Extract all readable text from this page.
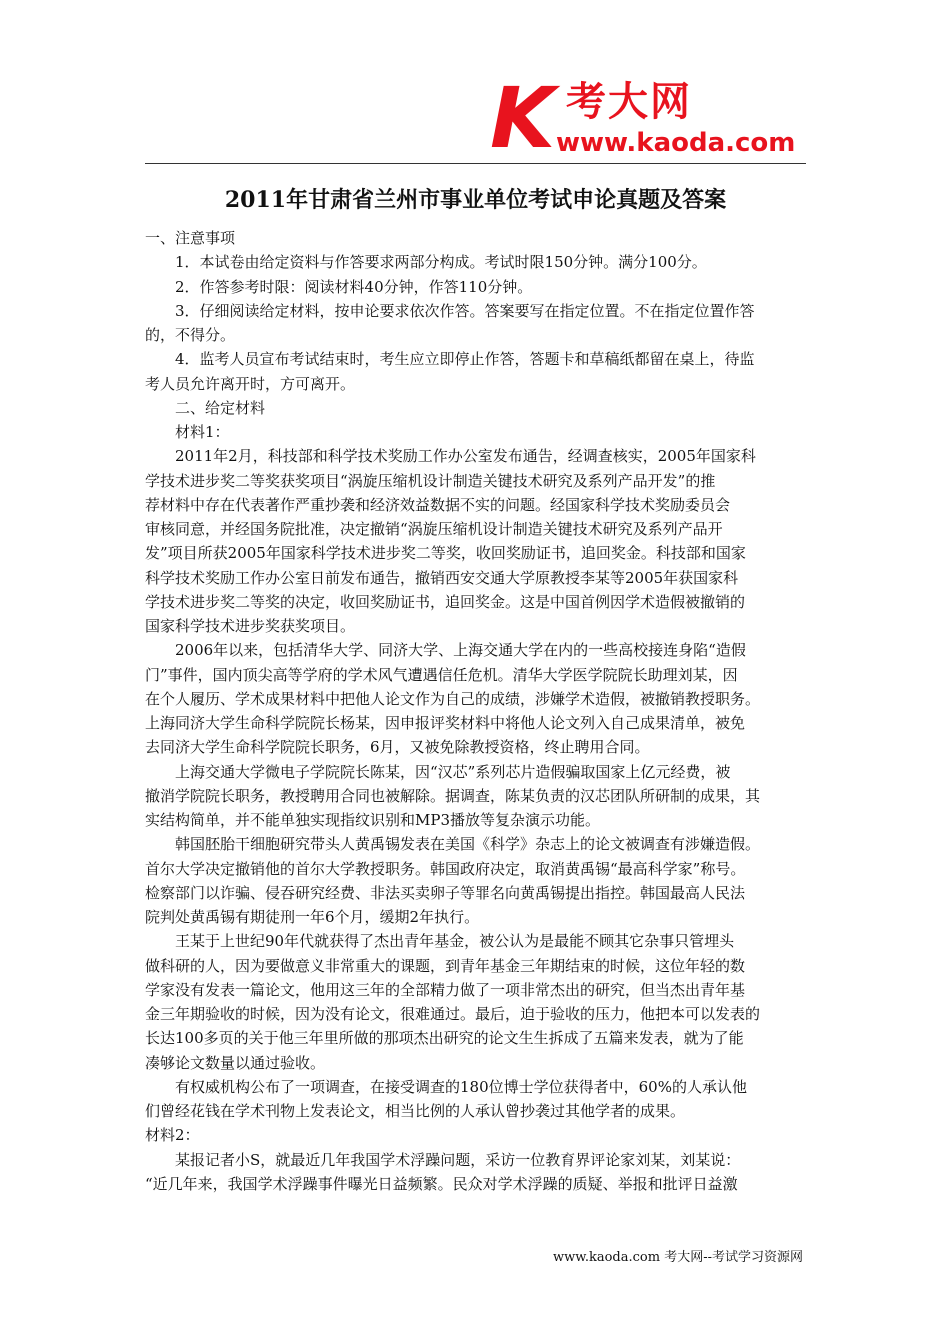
K 考大网
www.kaoda.com
2011年甘肃省兰州市事业单位考试申论真题及答案
一、注意事项
　　1．本试卷由给定资料与作答要求两部分构成。考试时限150分钟。满分100分。
　　2．作答参考时限：阅读材料40分钟，作答110分钟。
　　3．仔细阅读给定材料，按申论要求依次作答。答案要写在指定位置。不在指定位置作答
的，不得分。
　　4．监考人员宣布考试结束时，考生应立即停止作答，答题卡和草稿纸都留在桌上，待监
考人员允许离开时，方可离开。
　　二、给定材料
　　材料1：
　　2011年2月，科技部和科学技术奖励工作办公室发布通告，经调查核实，2005年国家科
学技术进步奖二等奖获奖项目“涡旋压缩机设计制造关键技术研究及系列产品开发”的推
荐材料中存在代表著作严重抄袭和经济效益数据不实的问题。经国家科学技术奖励委员会
审核同意，并经国务院批准，决定撤销“涡旋压缩机设计制造关键技术研究及系列产品开
发”项目所获2005年国家科学技术进步奖二等奖，收回奖励证书，追回奖金。科技部和国家
科学技术奖励工作办公室日前发布通告，撤销西安交通大学原教授李某等2005年获国家科
学技术进步奖二等奖的决定，收回奖励证书，追回奖金。这是中国首例因学术造假被撤销的
国家科学技术进步奖获奖项目。
　　2006年以来，包括清华大学、同济大学、上海交通大学在内的一些高校接连身陷“造假
门”事件，国内顶尖高等学府的学术风气遭遇信任危机。清华大学医学院院长助理刘某，因
在个人履历、学术成果材料中把他人论文作为自己的成绩，涉嫌学术造假，被撤销教授职务。
上海同济大学生命科学院院长杨某，因申报评奖材料中将他人论文列入自己成果清单，被免
去同济大学生命科学院院长职务，6月，又被免除教授资格，终止聘用合同。
　　上海交通大学微电子学院院长陈某，因“汉芯”系列芯片造假骗取国家上亿元经费，被
撤消学院院长职务，教授聘用合同也被解除。据调查，陈某负责的汉芯团队所研制的成果，其
实结构简单，并不能单独实现指纹识别和MP3播放等复杂演示功能。
　　韩国胚胎干细胞研究带头人黄禹锡发表在美国《科学》杂志上的论文被调查有涉嫌造假。
首尔大学决定撤销他的首尔大学教授职务。韩国政府决定，取消黄禹锡“最高科学家”称号。
检察部门以诈骗、侵吞研究经费、非法买卖卵子等罪名向黄禹锡提出指控。韩国最高人民法
院判处黄禹锡有期徒刑一年6个月，缓期2年执行。
　　王某于上世纪90年代就获得了杰出青年基金，被公认为是最能不顾其它杂事只管埋头
做科研的人，因为要做意义非常重大的课题，到青年基金三年期结束的时候，这位年轻的数
学家没有发表一篇论文，他用这三年的全部精力做了一项非常杰出的研究，但当杰出青年基
金三年期验收的时候，因为没有论文，很难通过。最后，迫于验收的压力，他把本可以发表的
长达100多页的关于他三年里所做的那项杰出研究的论文生生拆成了五篇来发表，就为了能
凑够论文数量以通过验收。
　　有权威机构公布了一项调查，在接受调查的180位博士学位获得者中，60%的人承认他
们曾经花钱在学术刊物上发表论文，相当比例的人承认曾抄袭过其他学者的成果。
材料2：
　　某报记者小S，就最近几年我国学术浮躁问题，采访一位教育界评论家刘某，刘某说：
“近几年来，我国学术浮躁事件曝光日益频繁。民众对学术浮躁的质疑、举报和批评日益激
www.kaoda.com 考大网--考试学习资源网
